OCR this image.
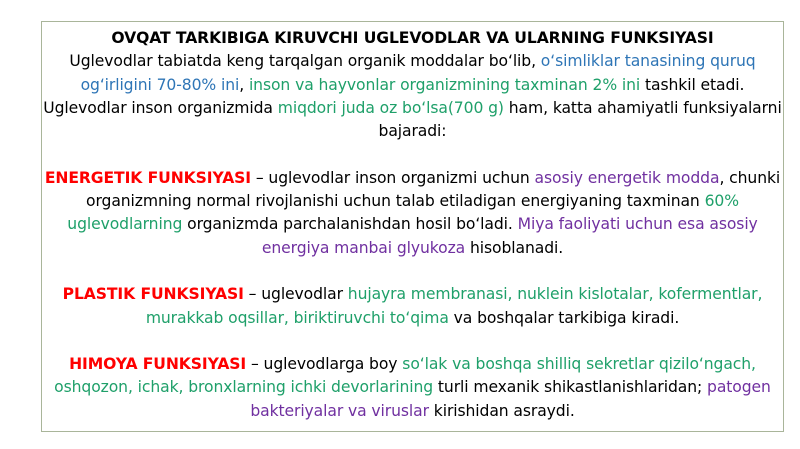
OVQAT TARKIBIGA KIRUVCHI UGLEVODLAR VA ULARNING FUNKSIYASI

Uglevodlar tabiatda keng tarqalgan organik moddalar bo‘lib, o‘simliklar tanasining quruq og‘irligini 70-80% ini, inson va hayvonlar organizmining taxminan 2% ini tashkil etadi.

Uglevodlar inson organizmida miqdori juda oz bo‘lsa(700 g) ham, katta ahamiyatli funksiyalarni bajaradi:

ENERGETIK FUNKSIYASI – uglevodlar inson organizmi uchun asosiy energetik modda, chunki organizmning normal rivojlanishi uchun talab etiladigan energiyaning taxminan 60% uglevodlarning organizmda parchalanishdan hosil bo‘ladi. Miya faoliyati uchun esa asosiy energiya manbai glyukoza hisoblanadi.

PLASTIK FUNKSIYASI – uglevodlar hujayra membranasi, nuklein kislotalar, kofermentlar, murakkab oqsillar, biriktiruvchi to‘qima va boshqalar tarkibiga kiradi.

HIMOYA FUNKSIYASI – uglevodlarga boy so‘lak va boshqa shilliq sekretlar qizilo‘ngach, oshqozon, ichak, bronxlarning ichki devorlarining turli mexanik shikastlanishlaridan; patogen bakteriyalar va viruslar kirishidan asraydi.
